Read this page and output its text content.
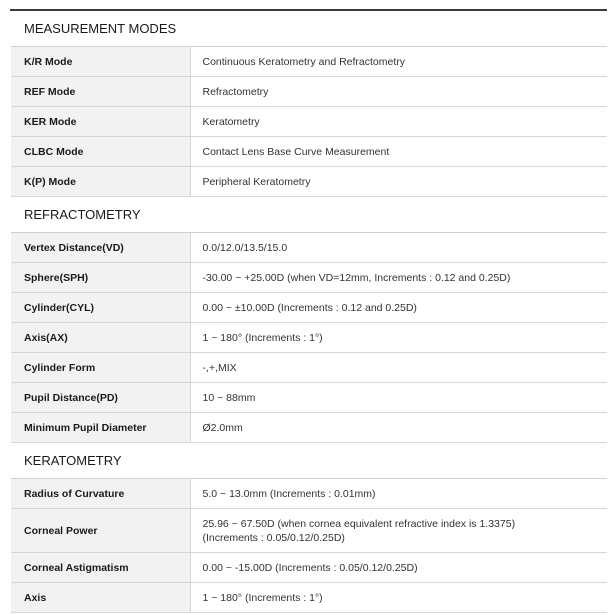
MEASUREMENT MODES	
K/R Mode	Continuous Keratometry and Refractometry
REF Mode	Refractometry
KER Mode	Keratometry
CLBC Mode	Contact Lens Base Curve Measurement
K(P) Mode	Peripheral Keratometry
REFRACTOMETRY	
Vertex Distance(VD)	0.0/12.0/13.5/15.0
Sphere(SPH)	-30.00 ~ +25.00D (when VD=12mm, Increments : 0.12 and 0.25D)
Cylinder(CYL)	0.00 ~ ±10.00D (Increments : 0.12 and 0.25D)
Axis(AX)	1 ~ 180° (Increments : 1°)
Cylinder Form	-,+,MIX
Pupil Distance(PD)	10 ~ 88mm
Minimum Pupil Diameter	Ø2.0mm
KERATOMETRY	
Radius of Curvature	5.0 ~ 13.0mm (Increments : 0.01mm)
Corneal Power	25.96 ~ 67.50D (when cornea equivalent refractive index is 1.3375)
(Increments : 0.05/0.12/0.25D)

Corneal Astigmatism	0.00 ~ -15.00D (Increments : 0.05/0.12/0.25D)
Axis	1 ~ 180° (Increments : 1°)
